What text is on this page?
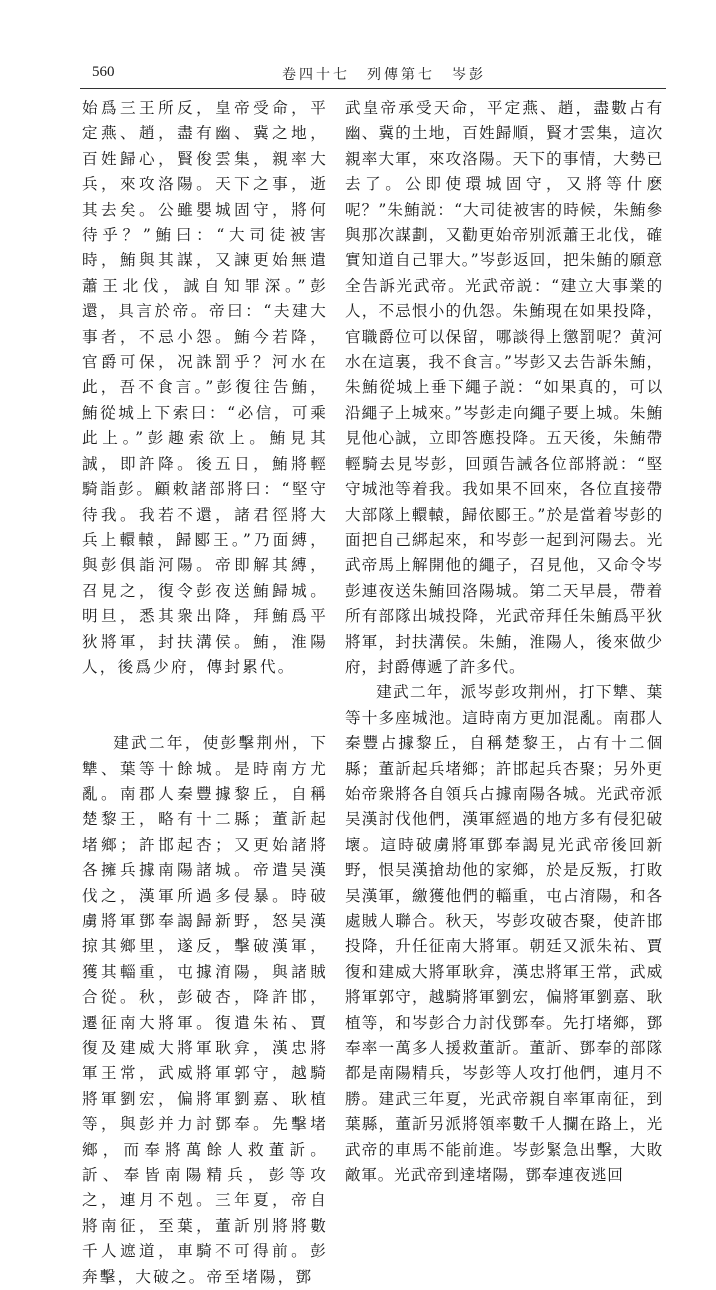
560	卷四十七　列傳第七　岑彭

始爲三王所反，皇帝受命，平定燕、趙，盡有幽、冀之地，百姓歸心，賢俊雲集，親率大兵，來攻洛陽。天下之事，逝其去矣。公雖嬰城固守，將何待乎？”鮪曰：“大司徒被害時，鮪與其謀，又諫更始無遣蕭王北伐，誠自知罪深。”彭還，具言於帝。帝曰：“夫建大事者，不忌小怨。鮪今若降，官爵可保，况誅罰乎？河水在此，吾不食言。”彭復往告鮪，鮪從城上下索曰：“必信，可乘此上。”彭趣索欲上。鮪見其誠，即許降。後五日，鮪將輕騎詣彭。顧敕諸部將曰：“堅守待我。我若不還，諸君徑將大兵上轘轅，歸郾王。”乃面縛，與彭俱詣河陽。帝即解其縛，召見之，復令彭夜送鮪歸城。明旦，悉其衆出降，拜鮪爲平狄將軍，封扶溝侯。鮪，淮陽人，後爲少府，傳封累代。

建武二年，使彭擊荆州，下犨、葉等十餘城。是時南方尤亂。南郡人秦豐據黎丘，自稱楚黎王，略有十二縣；董訢起堵鄉；許邯起杏；又更始諸將各擁兵據南陽諸城。帝遣吴漢伐之，漢軍所過多侵暴。時破虜將軍鄧奉謁歸新野，怒吴漢掠其鄉里，遂反，擊破漢軍，獲其輜重，屯據淯陽，與諸賊合從。秋，彭破杏，降許邯，遷征南大將軍。復遣朱祐、賈復及建威大將軍耿弇，漢忠將軍王常，武威將軍郭守，越騎將軍劉宏，偏將軍劉嘉、耿植等，與彭并力討鄧奉。先擊堵鄉，而奉將萬餘人救董訢。訢、奉皆南陽精兵，彭等攻之，連月不剋。三年夏，帝自將南征，至葉，董訢別將將數千人遮道，車騎不可得前。彭奔擊，大破之。帝至堵陽，鄧

武皇帝承受天命，平定燕、趙，盡數占有幽、冀的土地，百姓歸順，賢才雲集，這次親率大軍，來攻洛陽。天下的事情，大勢已去了。公即使環城固守，又將等什麽呢？”朱鮪説：“大司徒被害的時候，朱鮪參與那次謀劃，又勸更始帝别派蕭王北伐，確實知道自己罪大。”岑彭返回，把朱鮪的願意全告訴光武帝。光武帝説：“建立大事業的人，不忌恨小的仇怨。朱鮪現在如果投降，官職爵位可以保留，哪談得上懲罰呢？黄河水在這裏，我不食言。”岑彭又去告訴朱鮪，朱鮪從城上垂下繩子説：“如果真的，可以沿繩子上城來。”岑彭走向繩子要上城。朱鮪見他心誠，立即答應投降。五天後，朱鮪帶輕騎去見岑彭，回頭告誡各位部將説：“堅守城池等着我。我如果不回來，各位直接帶大部隊上轘轅，歸依郾王。”於是當着岑彭的面把自己綁起來，和岑彭一起到河陽去。光武帝馬上解開他的繩子，召見他，又命令岑彭連夜送朱鮪回洛陽城。第二天早晨，帶着所有部隊出城投降，光武帝拜任朱鮪爲平狄將軍，封扶溝侯。朱鮪，淮陽人，後來做少府，封爵傳遞了許多代。

建武二年，派岑彭攻荆州，打下犨、葉等十多座城池。這時南方更加混亂。南郡人秦豐占據黎丘，自稱楚黎王，占有十二個縣；董訢起兵堵鄉；許邯起兵杏聚；另外更始帝衆將各自領兵占據南陽各城。光武帝派吴漢討伐他們，漢軍經過的地方多有侵犯破壞。這時破虜將軍鄧奉謁見光武帝後回新野，恨吴漢搶劫他的家鄉，於是反叛，打敗吴漢軍，繳獲他們的輜重，屯占淯陽，和各處賊人聯合。秋天，岑彭攻破杏聚，使許邯投降，升任征南大將軍。朝廷又派朱祐、賈復和建威大將軍耿弇，漢忠將軍王常，武威將軍郭守，越騎將軍劉宏，偏將軍劉嘉、耿植等，和岑彭合力討伐鄧奉。先打堵鄉，鄧奉率一萬多人援救董訢。董訢、鄧奉的部隊都是南陽精兵，岑彭等人攻打他們，連月不勝。建武三年夏，光武帝親自率軍南征，到葉縣，董訢另派將領率數千人攔在路上，光武帝的車馬不能前進。岑彭緊急出擊，大敗敵軍。光武帝到達堵陽，鄧奉連夜逃回
